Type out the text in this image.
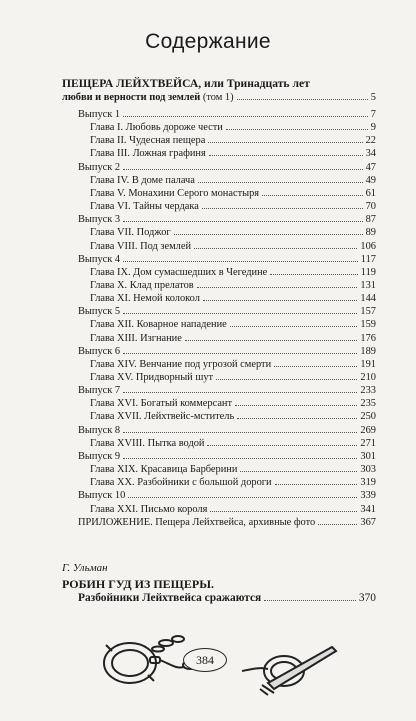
Содержание
ПЕЩЕРА ЛЕЙХТВЕЙСА, или Тринадцать лет
любви и верности под землей (том 1)	5
Выпуск 1	7
Глава I. Любовь дороже чести	9
Глава II. Чудесная пещера	22
Глава III. Ложная графиня	34
Выпуск 2	47
Глава IV. В доме палача	49
Глава V. Монахини Серого монастыря	61
Глава VI. Тайны чердака	70
Выпуск 3	87
Глава VII. Поджог	89
Глава VIII. Под землей	106
Выпуск 4	117
Глава IX. Дом сумасшедших в Чегедине	119
Глава X. Клад прелатов	131
Глава XI. Немой колокол	144
Выпуск 5	157
Глава XII. Коварное нападение	159
Глава XIII. Изгнание	176
Выпуск 6	189
Глава XIV. Венчание под угрозой смерти	191
Глава XV. Придворный шут	210
Выпуск 7	233
Глава XVI. Богатый коммерсант	235
Глава XVII. Лейхтвейс-мститель	250
Выпуск 8	269
Глава XVIII. Пытка водой	271
Выпуск 9	301
Глава XIX. Красавица Барберини	303
Глава XX. Разбойники с большой дороги	319
Выпуск 10	339
Глава XXI. Письмо короля	341
ПРИЛОЖЕНИЕ. Пещера Лейхтвейса, архивные фото	367
Г. Ульман
РОБИН ГУД ИЗ ПЕЩЕРЫ.
Разбойники Лейхтвейса сражаются	370
384
